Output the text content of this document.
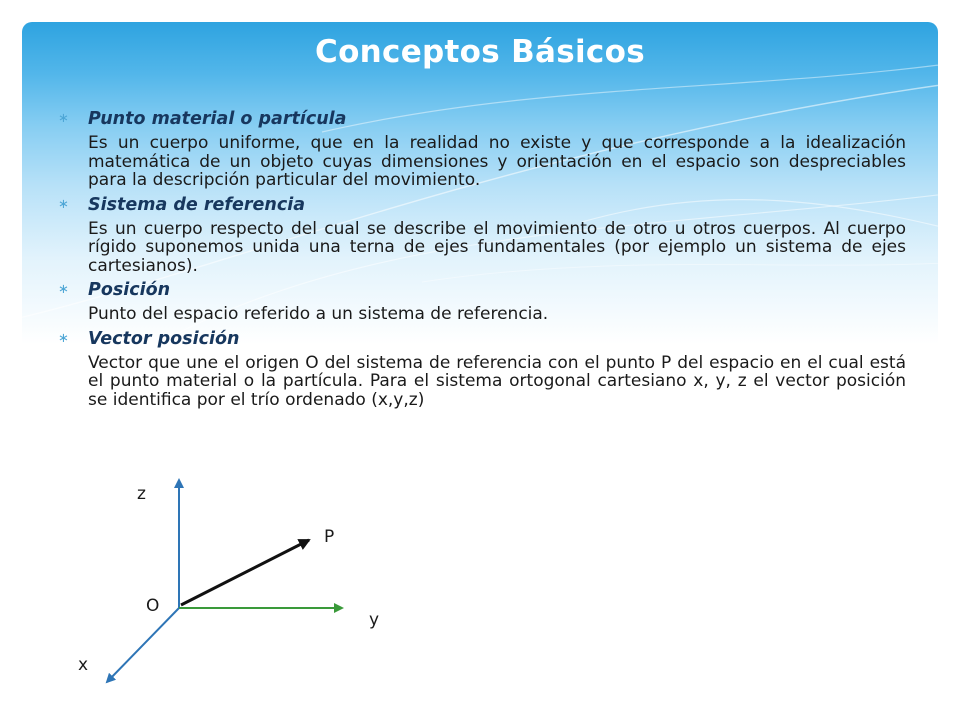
Conceptos Básicos
∗	Punto material o partícula

Es un cuerpo uniforme, que en la realidad no existe y que corresponde a la idealización matemática de un objeto cuyas dimensiones y orientación en el espacio son despreciables para la descripción particular del movimiento.

∗	Sistema de referencia

Es un cuerpo respecto del cual se describe el movimiento de otro u otros cuerpos. Al cuerpo rígido suponemos unida una terna de ejes fundamentales (por ejemplo un sistema de ejes cartesianos).

∗	Posición

Punto del espacio referido a un sistema de referencia.

∗	Vector posición

Vector que une el origen O del sistema de referencia con el punto P del espacio en el cual está el punto material o la partícula. Para el sistema ortogonal cartesiano x, y, z el vector posición se identifica por el trío ordenado (x,y,z)

z
P
O
y
x
